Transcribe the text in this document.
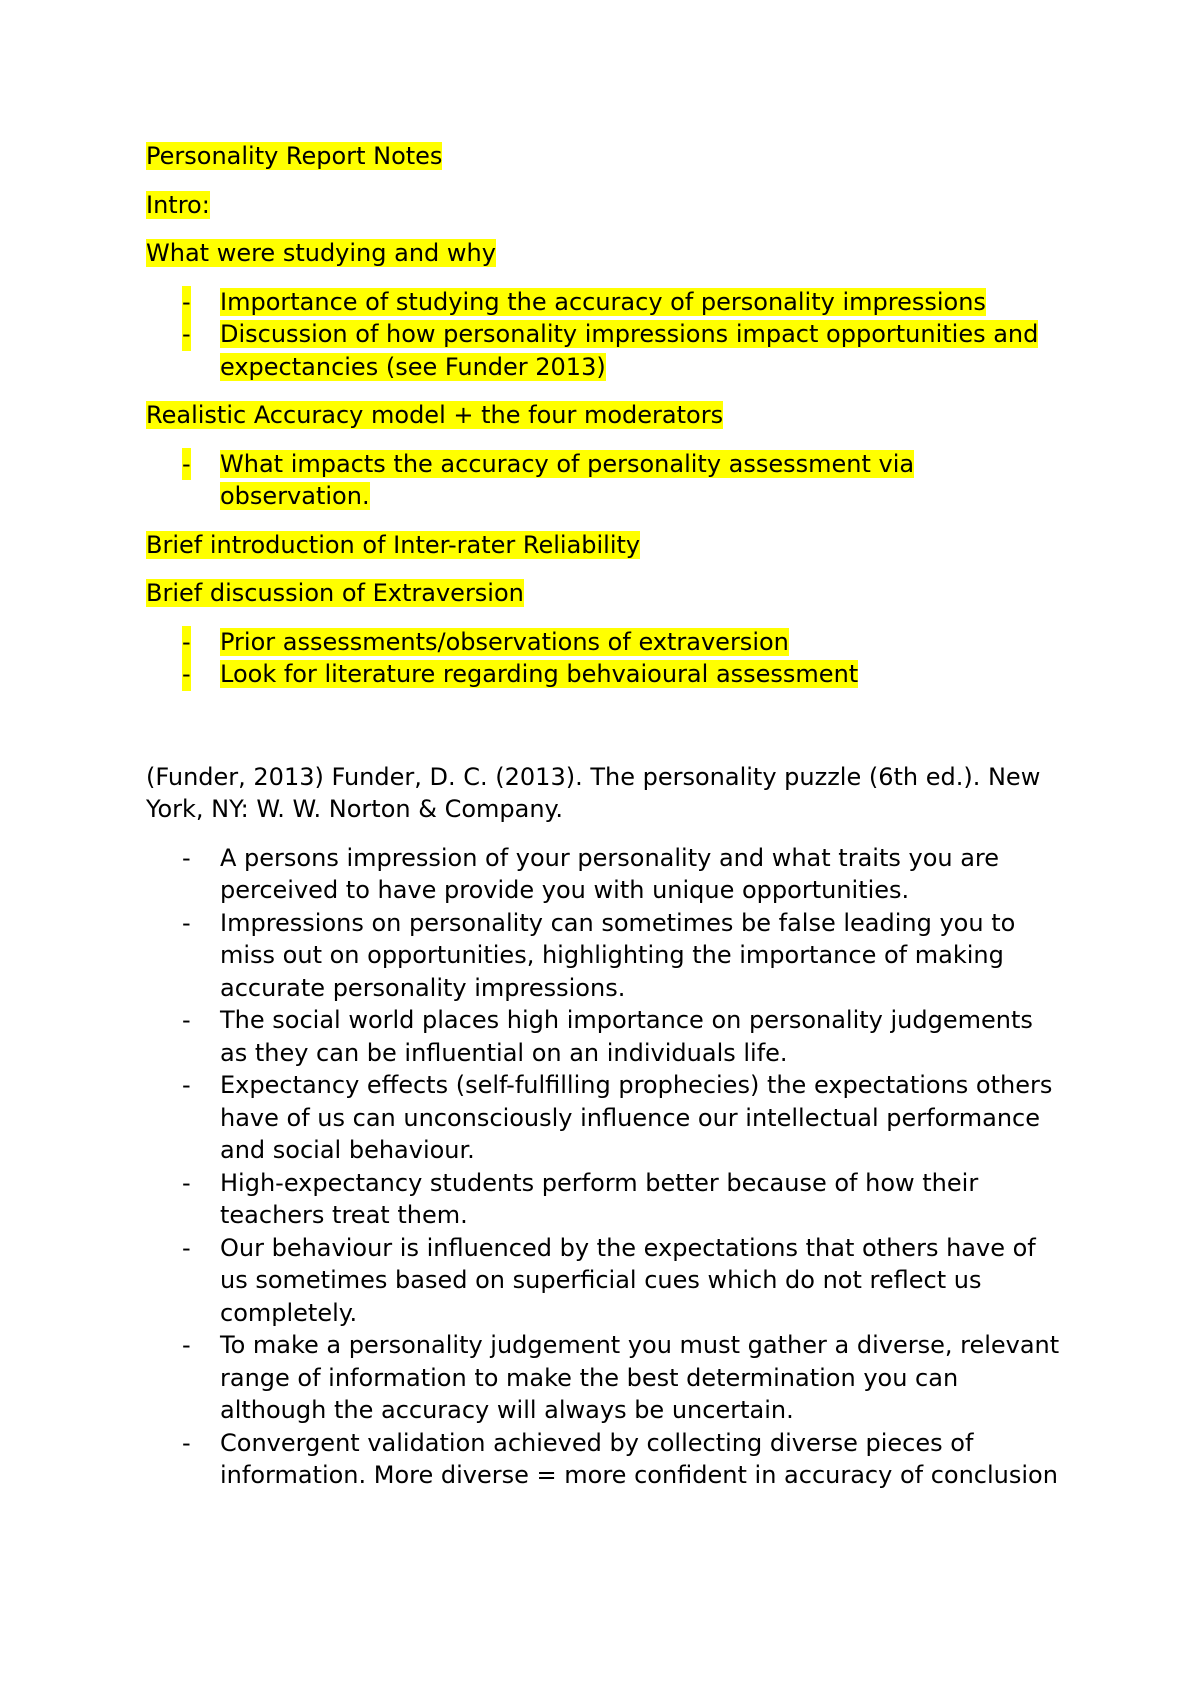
Personality Report Notes

Intro:

What were studying and why

- Importance of studying the accuracy of personality impressions
- Discussion of how personality impressions impact opportunities and expectancies (see Funder 2013)

Realistic Accuracy model + the four moderators

- What impacts the accuracy of personality assessment via observation.

Brief introduction of Inter-rater Reliability

Brief discussion of Extraversion

- Prior assessments/observations of extraversion
- Look for literature regarding behvaioural assessment

(Funder, 2013) Funder, D. C. (2013). The personality puzzle (6th ed.). New York, NY: W. W. Norton & Company.

- A persons impression of your personality and what traits you are perceived to have provide you with unique opportunities.
- Impressions on personality can sometimes be false leading you to miss out on opportunities, highlighting the importance of making accurate personality impressions.
- The social world places high importance on personality judgements as they can be influential on an individuals life.
- Expectancy effects (self-fulfilling prophecies) the expectations others have of us can unconsciously influence our intellectual performance and social behaviour.
- High-expectancy students perform better because of how their teachers treat them.
- Our behaviour is influenced by the expectations that others have of us sometimes based on superficial cues which do not reflect us completely.
- To make a personality judgement you must gather a diverse, relevant range of information to make the best determination you can although the accuracy will always be uncertain.
- Convergent validation achieved by collecting diverse pieces of information. More diverse = more confident in accuracy of conclusion
